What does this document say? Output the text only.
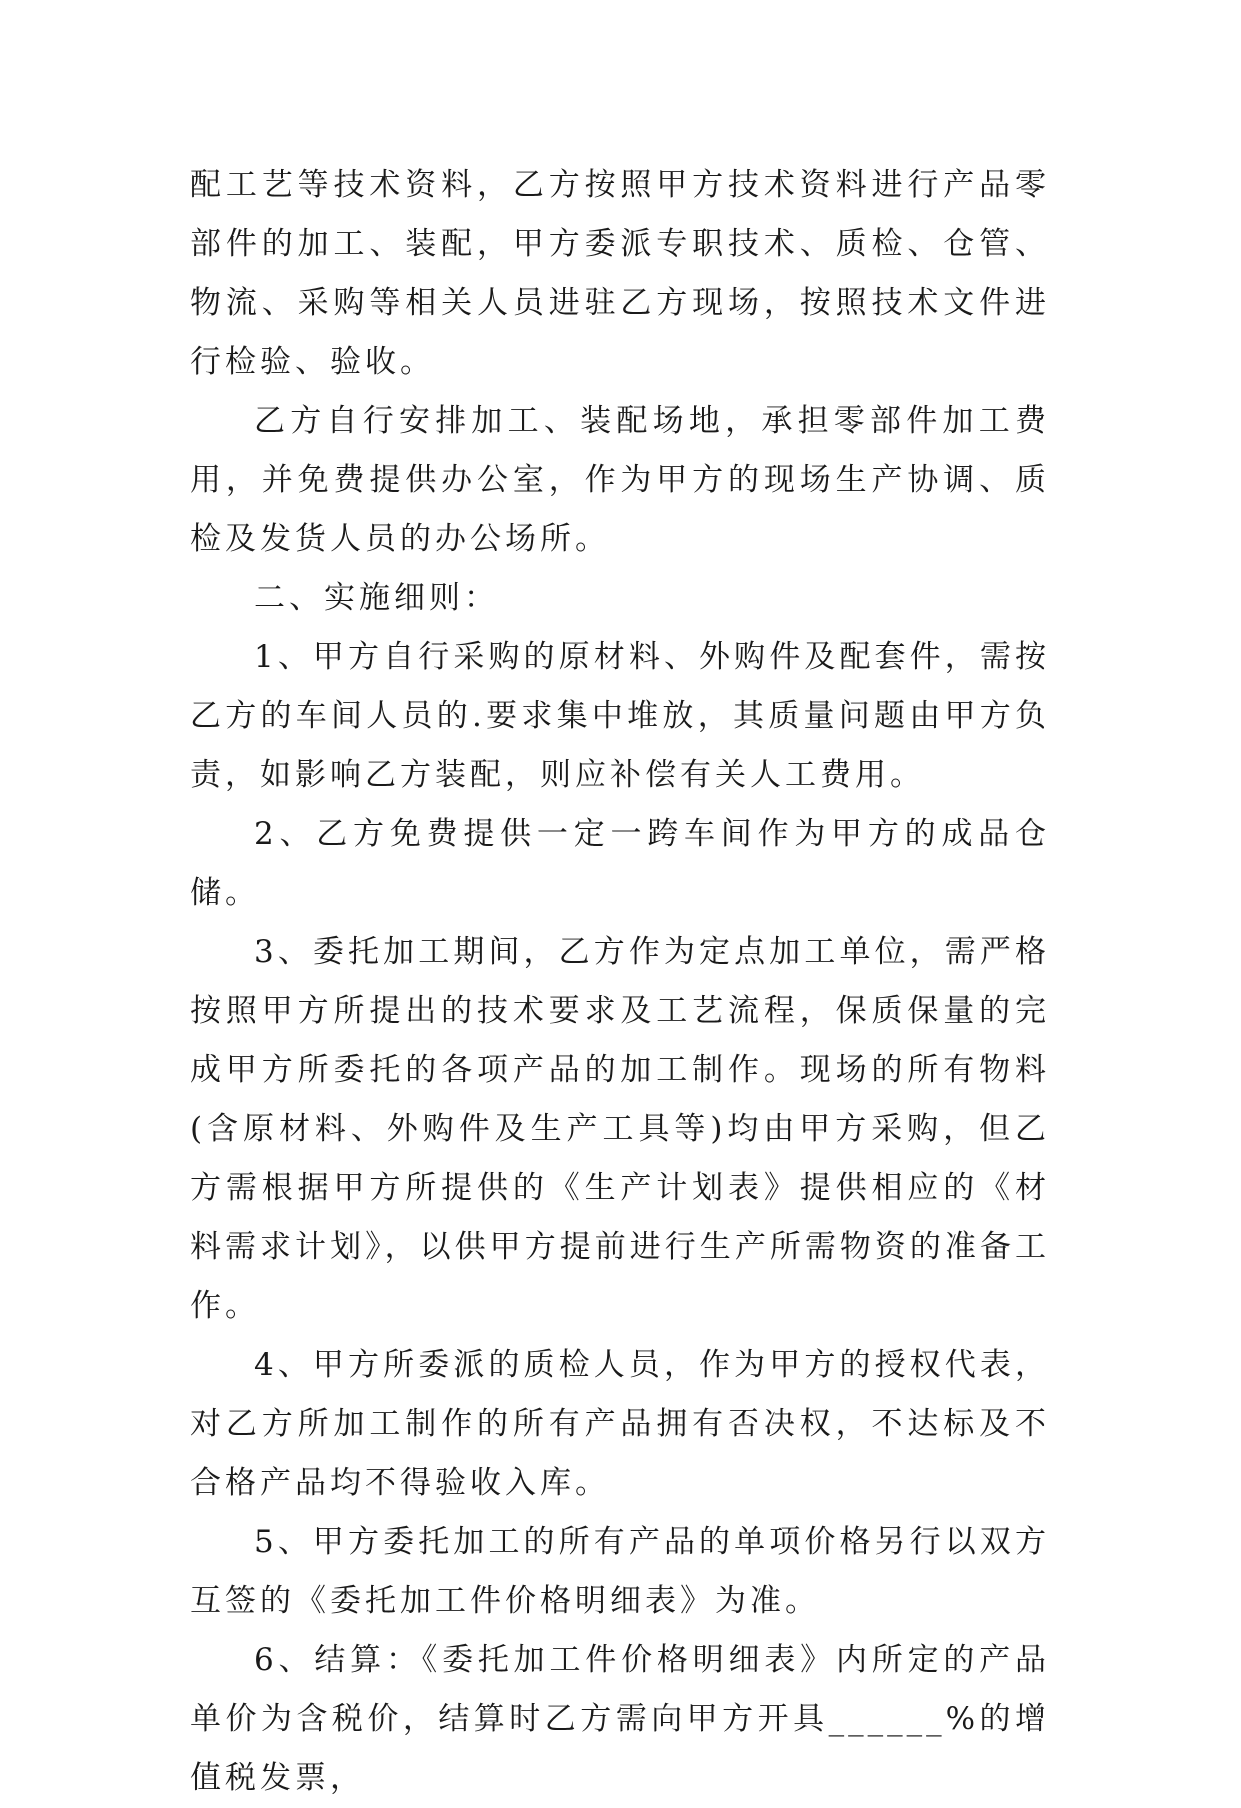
配工艺等技术资料，乙方按照甲方技术资料进行产品零部件的加工、装配，甲方委派专职技术、质检、仓管、物流、采购等相关人员进驻乙方现场，按照技术文件进行检验、验收。

乙方自行安排加工、装配场地，承担零部件加工费用，并免费提供办公室，作为甲方的现场生产协调、质检及发货人员的办公场所。

二、实施细则：

1、甲方自行采购的原材料、外购件及配套件，需按乙方的车间人员的.要求集中堆放，其质量问题由甲方负责，如影响乙方装配，则应补偿有关人工费用。

2、乙方免费提供一定一跨车间作为甲方的成品仓储。

3、委托加工期间，乙方作为定点加工单位，需严格按照甲方所提出的技术要求及工艺流程，保质保量的完成甲方所委托的各项产品的加工制作。现场的所有物料(含原材料、外购件及生产工具等)均由甲方采购，但乙方需根据甲方所提供的《生产计划表》提供相应的《材料需求计划》，以供甲方提前进行生产所需物资的准备工作。

4、甲方所委派的质检人员，作为甲方的授权代表，对乙方所加工制作的所有产品拥有否决权，不达标及不合格产品均不得验收入库。

5、甲方委托加工的所有产品的单项价格另行以双方互签的《委托加工件价格明细表》为准。

6、结算：《委托加工件价格明细表》内所定的产品单价为含税价，结算时乙方需向甲方开具______%的增值税发票，
